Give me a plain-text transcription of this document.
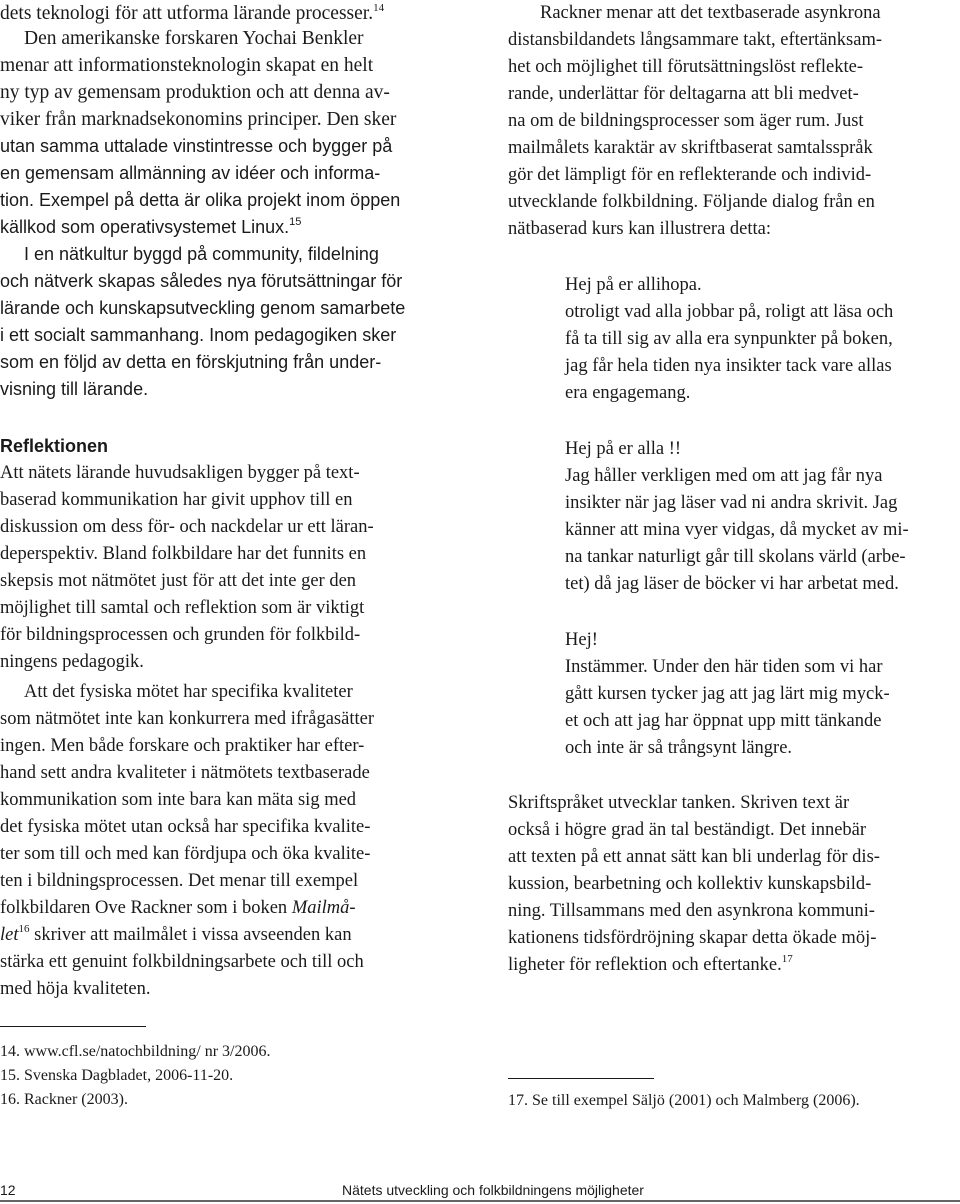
dets teknologi för att utforma lärande processer.$^{14}$
Den amerikanske forskaren Yochai Benkler
menar att informationsteknologin skapat en helt
ny typ av gemensam produktion och att denna av-
viker från marknadsekonomins principer. Den sker
utan samma uttalade vinstintresse och bygger på
en gemensam allmänning av idéer och informa-
tion. Exempel på detta är olika projekt inom öppen
källkod som operativsystemet Linux.$^{15}$
I en nätkultur byggd på community, fildelning
och nätverk skapas således nya förutsättningar för
lärande och kunskapsutveckling genom samarbete
i ett socialt sammanhang. Inom pedagogiken sker
som en följd av detta en förskjutning från under-
visning till lärande.
Reflektionen
Att nätets lärande huvudsakligen bygger på text-
baserad kommunikation har givit upphov till en
diskussion om dess för- och nackdelar ur ett läran-
deperspektiv. Bland folkbildare har det funnits en
skepsis mot nätmötet just för att det inte ger den
möjlighet till samtal och reflektion som är viktigt
för bildningsprocessen och grunden för folkbild-
ningens pedagogik.
Att det fysiska mötet har specifika kvaliteter
som nätmötet inte kan konkurrera med ifrågasätter
ingen. Men både forskare och praktiker har efter-
hand sett andra kvaliteter i nätmötets textbaserade
kommunikation som inte bara kan mäta sig med
det fysiska mötet utan också har specifika kvalite-
ter som till och med kan fördjupa och öka kvalite-
ten i bildningsprocessen. Det menar till exempel
folkbildaren Ove Rackner som i boken Mailmå-
let$^{16}$ skriver att mailmålet i vissa avseenden kan
stärka ett genuint folkbildningsarbete och till och
med höja kvaliteten.
14. www.cfl.se/natochbildning/ nr 3/2006.
15. Svenska Dagbladet, 2006-11-20.
16. Rackner (2003).
Rackner menar att det textbaserade asynkrona
distansbildandets långsammare takt, eftertänksam-
het och möjlighet till förutsättningslöst reflekte-
rande, underlättar för deltagarna att bli medvet-
na om de bildningsprocesser som äger rum. Just
mailmålets karaktär av skriftbaserat samtalsspråk
gör det lämpligt för en reflekterande och individ-
utvecklande folkbildning. Följande dialog från en
nätbaserad kurs kan illustrera detta:
Hej på er allihopa.
otroligt vad alla jobbar på, roligt att läsa och
få ta till sig av alla era synpunkter på boken,
jag får hela tiden nya insikter tack vare allas
era engagemang.
Hej på er alla !!
Jag håller verkligen med om att jag får nya
insikter när jag läser vad ni andra skrivit. Jag
känner att mina vyer vidgas, då mycket av mi-
na tankar naturligt går till skolans värld (arbe-
tet) då jag läser de böcker vi har arbetat med.
Hej!
Instämmer. Under den här tiden som vi har
gått kursen tycker jag att jag lärt mig myck-
et och att jag har öppnat upp mitt tänkande
och inte är så trångsynt längre.
Skriftspråket utvecklar tanken. Skriven text är
också i högre grad än tal beständigt. Det innebär
att texten på ett annat sätt kan bli underlag för dis-
kussion, bearbetning och kollektiv kunskapsbild-
ning. Tillsammans med den asynkrona kommuni-
kationens tidsfördröjning skapar detta ökade möj-
ligheter för reflektion och eftertanke.$^{17}$
17. Se till exempel Säljö (2001) och Malmberg (2006).
12	Nätets utveckling och folkbildningens möjligheter
